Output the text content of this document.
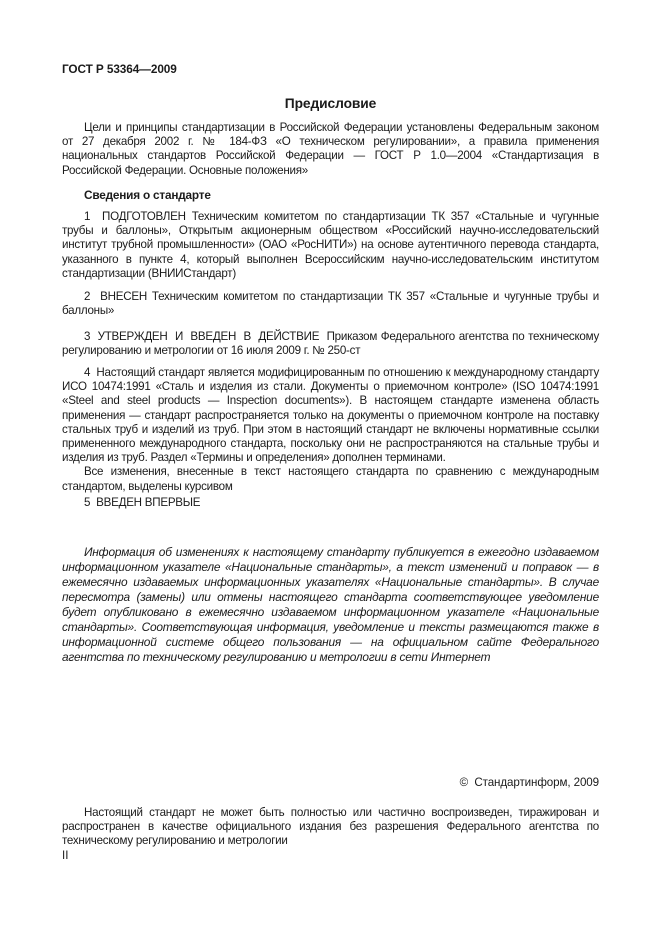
ГОСТ Р 53364—2009
Предисловие

Цели и принципы стандартизации в Российской Федерации установлены Федеральным законом от 27 декабря 2002 г. № 184-ФЗ «О техническом регулировании», а правила применения национальных стандартов Российской Федерации — ГОСТ Р 1.0—2004 «Стандартизация в Российской Федерации. Основные положения»

Сведения о стандарте

1  ПОДГОТОВЛЕН Техническим комитетом по стандартизации ТК 357 «Стальные и чугунные трубы и баллоны», Открытым акционерным обществом «Российский научно-исследовательский институт трубной промышленности» (ОАО «РосНИТИ») на основе аутентичного перевода стандарта, указанного в пункте 4, который выполнен Всероссийским научно-исследовательским институтом стандартизации (ВНИИСтандарт)

2  ВНЕСЕН Техническим комитетом по стандартизации ТК 357 «Стальные и чугунные трубы и баллоны»

3  УТВЕРЖДЕН  И  ВВЕДЕН  В  ДЕЙСТВИЕ  Приказом Федерального агентства по техническому регулированию и метрологии от 16 июля 2009 г. № 250-ст

4  Настоящий стандарт является модифицированным по отношению к международному стандарту ИСО 10474:1991 «Сталь и изделия из стали. Документы о приемочном контроле» (ISO 10474:1991 «Steel and steel products — Inspection documents»). В настоящем стандарте изменена область применения — стандарт распространяется только на документы о приемочном контроле на поставку стальных труб и изделий из труб. При этом в настоящий стандарт не включены нормативные ссылки примененного международного стандарта, поскольку они не распространяются на стальные трубы и изделия из труб. Раздел «Термины и определения» дополнен терминами.

Все изменения, внесенные в текст настоящего стандарта по сравнению с международным стандартом, выделены курсивом

5  ВВЕДЕН ВПЕРВЫЕ

Информация об изменениях к настоящему стандарту публикуется в ежегодно издаваемом информационном указателе «Национальные стандарты», а текст изменений и поправок — в ежемесячно издаваемых информационных указателях «Национальные стандарты». В случае пересмотра (замены) или отмены настоящего стандарта соответствующее уведомление будет опубликовано в ежемесячно издаваемом информационном указателе «Национальные стандарты». Соответствующая информация, уведомление и тексты размещаются также в информационной системе общего пользования — на официальном сайте Федерального агентства по техническому регулированию и метрологии в сети Интернет

©  Стандартинформ, 2009

Настоящий стандарт не может быть полностью или частично воспроизведен, тиражирован и распространен в качестве официального издания без разрешения Федерального агентства по техническому регулированию и метрологии

II
